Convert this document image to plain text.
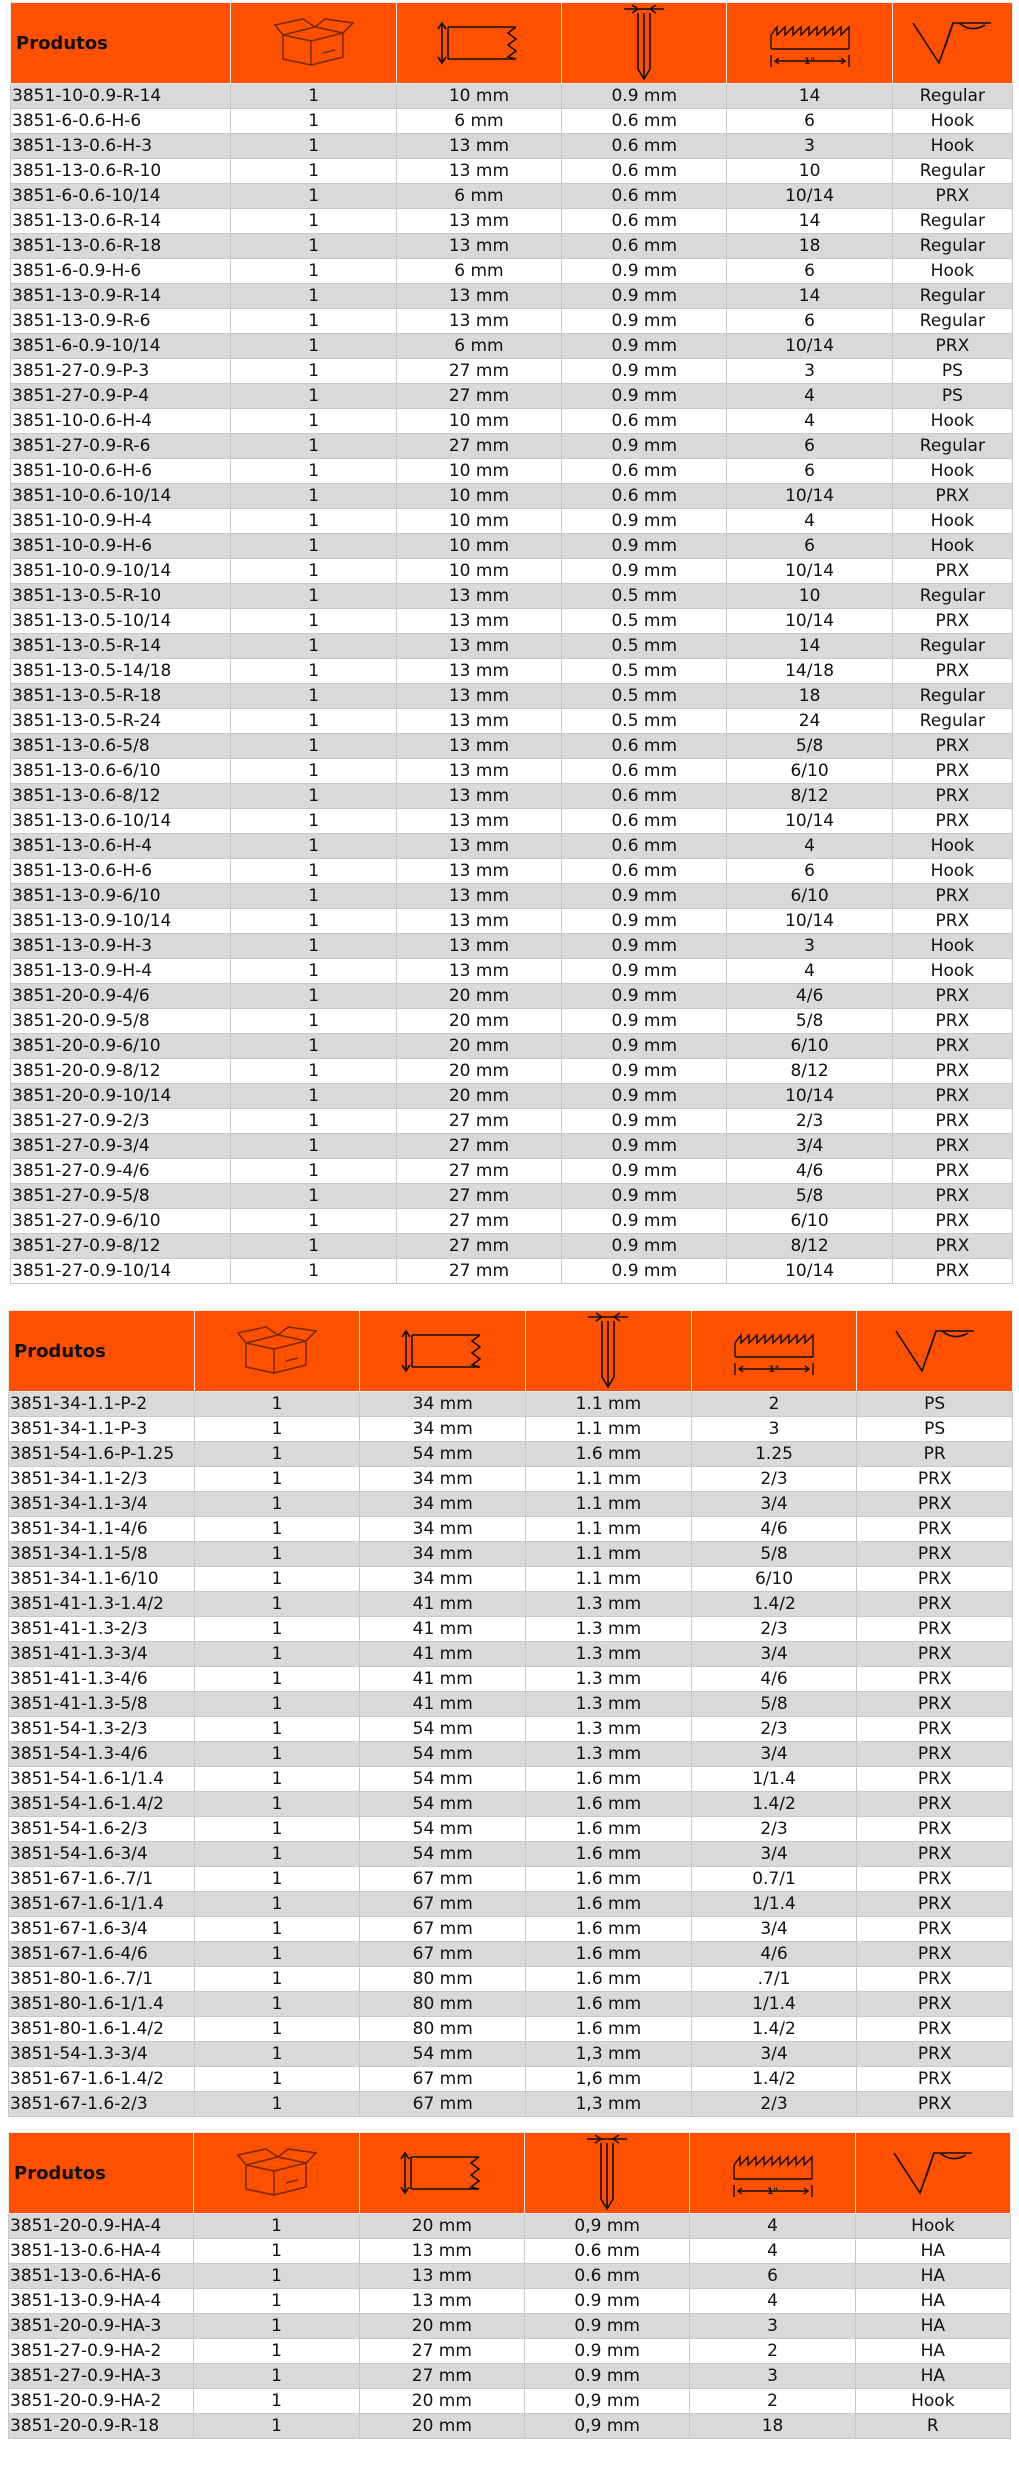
Produtos				1"

3851-10-0.9-R-14	1	10 mm	0.9 mm	14	Regular
3851-6-0.6-H-6	1	6 mm	0.6 mm	6	Hook
3851-13-0.6-H-3	1	13 mm	0.6 mm	3	Hook
3851-13-0.6-R-10	1	13 mm	0.6 mm	10	Regular
3851-6-0.6-10/14	1	6 mm	0.6 mm	10/14	PRX
3851-13-0.6-R-14	1	13 mm	0.6 mm	14	Regular
3851-13-0.6-R-18	1	13 mm	0.6 mm	18	Regular
3851-6-0.9-H-6	1	6 mm	0.9 mm	6	Hook
3851-13-0.9-R-14	1	13 mm	0.9 mm	14	Regular
3851-13-0.9-R-6	1	13 mm	0.9 mm	6	Regular
3851-6-0.9-10/14	1	6 mm	0.9 mm	10/14	PRX
3851-27-0.9-P-3	1	27 mm	0.9 mm	3	PS
3851-27-0.9-P-4	1	27 mm	0.9 mm	4	PS
3851-10-0.6-H-4	1	10 mm	0.6 mm	4	Hook
3851-27-0.9-R-6	1	27 mm	0.9 mm	6	Regular
3851-10-0.6-H-6	1	10 mm	0.6 mm	6	Hook
3851-10-0.6-10/14	1	10 mm	0.6 mm	10/14	PRX
3851-10-0.9-H-4	1	10 mm	0.9 mm	4	Hook
3851-10-0.9-H-6	1	10 mm	0.9 mm	6	Hook
3851-10-0.9-10/14	1	10 mm	0.9 mm	10/14	PRX
3851-13-0.5-R-10	1	13 mm	0.5 mm	10	Regular
3851-13-0.5-10/14	1	13 mm	0.5 mm	10/14	PRX
3851-13-0.5-R-14	1	13 mm	0.5 mm	14	Regular
3851-13-0.5-14/18	1	13 mm	0.5 mm	14/18	PRX
3851-13-0.5-R-18	1	13 mm	0.5 mm	18	Regular
3851-13-0.5-R-24	1	13 mm	0.5 mm	24	Regular
3851-13-0.6-5/8	1	13 mm	0.6 mm	5/8	PRX
3851-13-0.6-6/10	1	13 mm	0.6 mm	6/10	PRX
3851-13-0.6-8/12	1	13 mm	0.6 mm	8/12	PRX
3851-13-0.6-10/14	1	13 mm	0.6 mm	10/14	PRX
3851-13-0.6-H-4	1	13 mm	0.6 mm	4	Hook
3851-13-0.6-H-6	1	13 mm	0.6 mm	6	Hook
3851-13-0.9-6/10	1	13 mm	0.9 mm	6/10	PRX
3851-13-0.9-10/14	1	13 mm	0.9 mm	10/14	PRX
3851-13-0.9-H-3	1	13 mm	0.9 mm	3	Hook
3851-13-0.9-H-4	1	13 mm	0.9 mm	4	Hook
3851-20-0.9-4/6	1	20 mm	0.9 mm	4/6	PRX
3851-20-0.9-5/8	1	20 mm	0.9 mm	5/8	PRX
3851-20-0.9-6/10	1	20 mm	0.9 mm	6/10	PRX
3851-20-0.9-8/12	1	20 mm	0.9 mm	8/12	PRX
3851-20-0.9-10/14	1	20 mm	0.9 mm	10/14	PRX
3851-27-0.9-2/3	1	27 mm	0.9 mm	2/3	PRX
3851-27-0.9-3/4	1	27 mm	0.9 mm	3/4	PRX
3851-27-0.9-4/6	1	27 mm	0.9 mm	4/6	PRX
3851-27-0.9-5/8	1	27 mm	0.9 mm	5/8	PRX
3851-27-0.9-6/10	1	27 mm	0.9 mm	6/10	PRX
3851-27-0.9-8/12	1	27 mm	0.9 mm	8/12	PRX
3851-27-0.9-10/14	1	27 mm	0.9 mm	10/14	PRX
Produtos				1"

3851-34-1.1-P-2	1	34 mm	1.1 mm	2	PS
3851-34-1.1-P-3	1	34 mm	1.1 mm	3	PS
3851-54-1.6-P-1.25	1	54 mm	1.6 mm	1.25	PR
3851-34-1.1-2/3	1	34 mm	1.1 mm	2/3	PRX
3851-34-1.1-3/4	1	34 mm	1.1 mm	3/4	PRX
3851-34-1.1-4/6	1	34 mm	1.1 mm	4/6	PRX
3851-34-1.1-5/8	1	34 mm	1.1 mm	5/8	PRX
3851-34-1.1-6/10	1	34 mm	1.1 mm	6/10	PRX
3851-41-1.3-1.4/2	1	41 mm	1.3 mm	1.4/2	PRX
3851-41-1.3-2/3	1	41 mm	1.3 mm	2/3	PRX
3851-41-1.3-3/4	1	41 mm	1.3 mm	3/4	PRX
3851-41-1.3-4/6	1	41 mm	1.3 mm	4/6	PRX
3851-41-1.3-5/8	1	41 mm	1.3 mm	5/8	PRX
3851-54-1.3-2/3	1	54 mm	1.3 mm	2/3	PRX
3851-54-1.3-4/6	1	54 mm	1.3 mm	3/4	PRX
3851-54-1.6-1/1.4	1	54 mm	1.6 mm	1/1.4	PRX
3851-54-1.6-1.4/2	1	54 mm	1.6 mm	1.4/2	PRX
3851-54-1.6-2/3	1	54 mm	1.6 mm	2/3	PRX
3851-54-1.6-3/4	1	54 mm	1.6 mm	3/4	PRX
3851-67-1.6-.7/1	1	67 mm	1.6 mm	0.7/1	PRX
3851-67-1.6-1/1.4	1	67 mm	1.6 mm	1/1.4	PRX
3851-67-1.6-3/4	1	67 mm	1.6 mm	3/4	PRX
3851-67-1.6-4/6	1	67 mm	1.6 mm	4/6	PRX
3851-80-1.6-.7/1	1	80 mm	1.6 mm	.7/1	PRX
3851-80-1.6-1/1.4	1	80 mm	1.6 mm	1/1.4	PRX
3851-80-1.6-1.4/2	1	80 mm	1.6 mm	1.4/2	PRX
3851-54-1.3-3/4	1	54 mm	1,3 mm	3/4	PRX
3851-67-1.6-1.4/2	1	67 mm	1,6 mm	1.4/2	PRX
3851-67-1.6-2/3	1	67 mm	1,3 mm	2/3	PRX
Produtos				1"

3851-20-0.9-HA-4	1	20 mm	0,9 mm	4	Hook
3851-13-0.6-HA-4	1	13 mm	0.6 mm	4	HA
3851-13-0.6-HA-6	1	13 mm	0.6 mm	6	HA
3851-13-0.9-HA-4	1	13 mm	0.9 mm	4	HA
3851-20-0.9-HA-3	1	20 mm	0.9 mm	3	HA
3851-27-0.9-HA-2	1	27 mm	0.9 mm	2	HA
3851-27-0.9-HA-3	1	27 mm	0.9 mm	3	HA
3851-20-0.9-HA-2	1	20 mm	0,9 mm	2	Hook
3851-20-0.9-R-18	1	20 mm	0,9 mm	18	R
